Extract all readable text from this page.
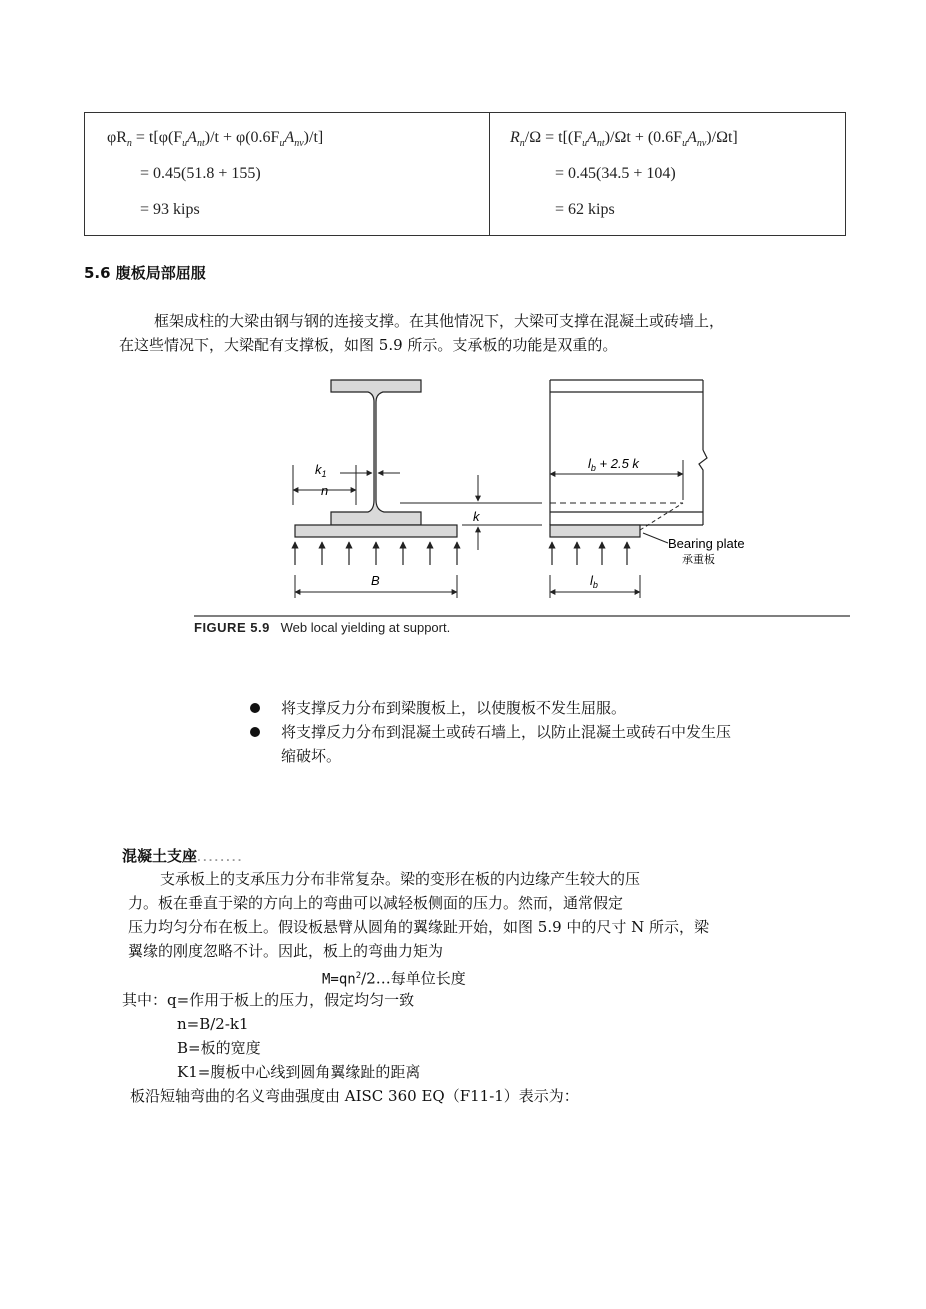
$\varphi R_n = t[\varphi(F_uA_{nt})/t + \varphi(0.6F_uA_{nv})/t]$
= 0.45(51.8 + 155)
= 93 kips
$R_n/\Omega = t[(F_uA_{nt})/\Omega t + (0.6F_uA_{nv})/\Omega t]$
= 0.45(34.5 + 104)
= 62 kips
5.6 腹板局部屈服
框架成柱的大梁由钢与钢的连接支撑。在其他情况下，大梁可支撑在混凝土或砖墙上，
在这些情况下，大梁配有支撑板，如图 5.9 所示。支承板的功能是双重的。
$k_1$
n
B
k
$l_b + 2.5$ k
$l_b$
Bearing plate
承重板
FIGURE 5.9 Web local yielding at support.
将支撑反力分布到梁腹板上，以使腹板不发生屈服。
将支撑反力分布到混凝土或砖石墙上，以防止混凝土或砖石中发生压
缩破坏。
混凝土支座........
支承板上的支承压力分布非常复杂。梁的变形在板的内边缘产生较大的压
力。板在垂直于梁的方向上的弯曲可以减轻板侧面的压力。然而，通常假定
压力均匀分布在板上。假设板悬臂从圆角的翼缘趾开始，如图 5.9 中的尺寸 N 所示，梁
翼缘的刚度忽略不计。因此，板上的弯曲力矩为
$M=qn^2/2\dots$每单位长度
其中：q=作用于板上的压力，假定均匀一致
n=B/2-k1
B=板的宽度
K1=腹板中心线到圆角翼缘趾的距离
板沿短轴弯曲的名义弯曲强度由 AISC 360 EQ（F11-1）表示为：
